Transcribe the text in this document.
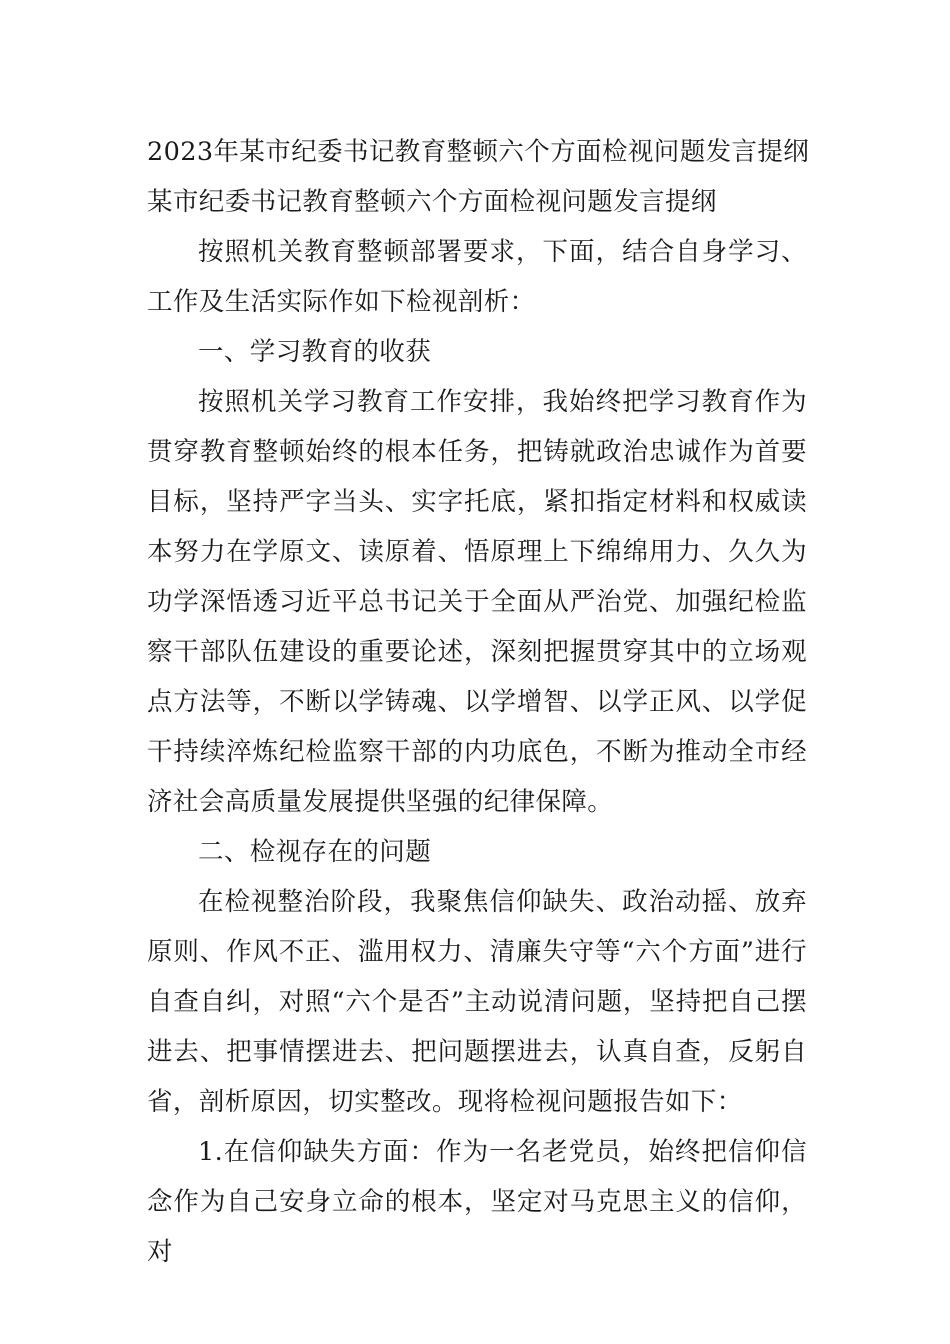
2023年某市纪委书记教育整顿六个方面检视问题发言提纲

某市纪委书记教育整顿六个方面检视问题发言提纲

按照机关教育整顿部署要求，下面，结合自身学习、工作及生活实际作如下检视剖析：

一、学习教育的收获

按照机关学习教育工作安排，我始终把学习教育作为贯穿教育整顿始终的根本任务，把铸就政治忠诚作为首要目标，坚持严字当头、实字托底，紧扣指定材料和权威读本努力在学原文、读原着、悟原理上下绵绵用力、久久为功学深悟透习近平总书记关于全面从严治党、加强纪检监察干部队伍建设的重要论述，深刻把握贯穿其中的立场观点方法等，不断以学铸魂、以学增智、以学正风、以学促干持续淬炼纪检监察干部的内功底色，不断为推动全市经济社会高质量发展提供坚强的纪律保障。

二、检视存在的问题

在检视整治阶段，我聚焦信仰缺失、政治动摇、放弃原则、作风不正、滥用权力、清廉失守等“六个方面”进行自查自纠，对照“六个是否”主动说清问题，坚持把自己摆进去、把事情摆进去、把问题摆进去，认真自查，反躬自省，剖析原因，切实整改。现将检视问题报告如下：

1.在信仰缺失方面：作为一名老党员，始终把信仰信念作为自己安身立命的根本，坚定对马克思主义的信仰，对
